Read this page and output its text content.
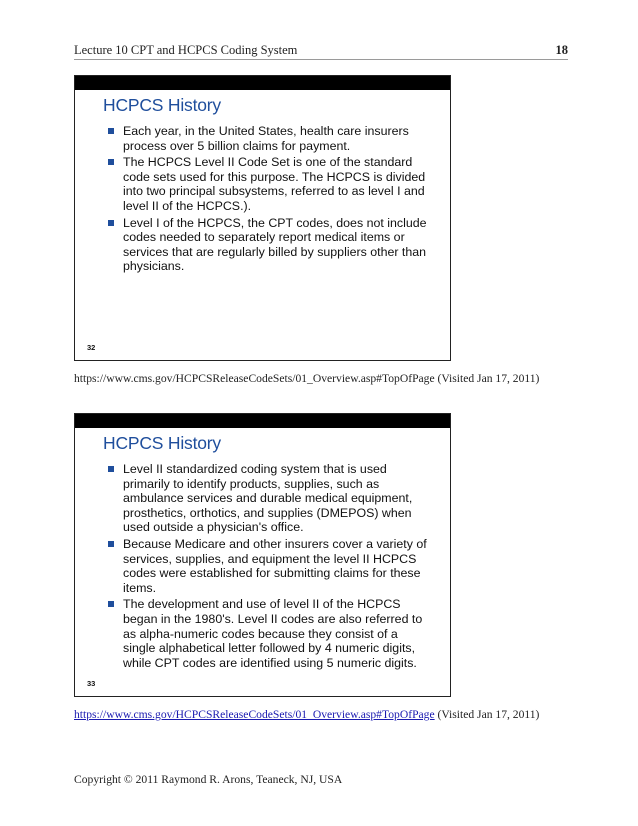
Lecture 10 CPT and HCPCS Coding System	18
HCPCS History
Each year, in the United States, health care insurers process over 5 billion claims for payment.
The HCPCS Level II Code Set is one of the standard code sets used for this purpose. The HCPCS is divided into two principal subsystems, referred to as level I and level II of the HCPCS.).
Level I of the HCPCS, the CPT codes, does not include codes needed to separately report medical items or services that are regularly billed by suppliers other than physicians.
32
https://www.cms.gov/HCPCSReleaseCodeSets/01_Overview.asp#TopOfPage (Visited Jan 17, 2011)
HCPCS History
Level II standardized coding system that is used primarily to identify products, supplies, such as ambulance services and durable medical equipment, prosthetics, orthotics, and supplies (DMEPOS) when used outside a physician's office.
Because Medicare and other insurers cover a variety of services, supplies, and equipment the level II HCPCS codes were established for submitting claims for these items.
The development and use of level II of the HCPCS began in the 1980's. Level II codes are also referred to as alpha-numeric codes because they consist of a single alphabetical letter followed by 4 numeric digits, while CPT codes are identified using 5 numeric digits.
33
https://www.cms.gov/HCPCSReleaseCodeSets/01_Overview.asp#TopOfPage (Visited Jan 17, 2011)
Copyright © 2011 Raymond R. Arons, Teaneck, NJ, USA
